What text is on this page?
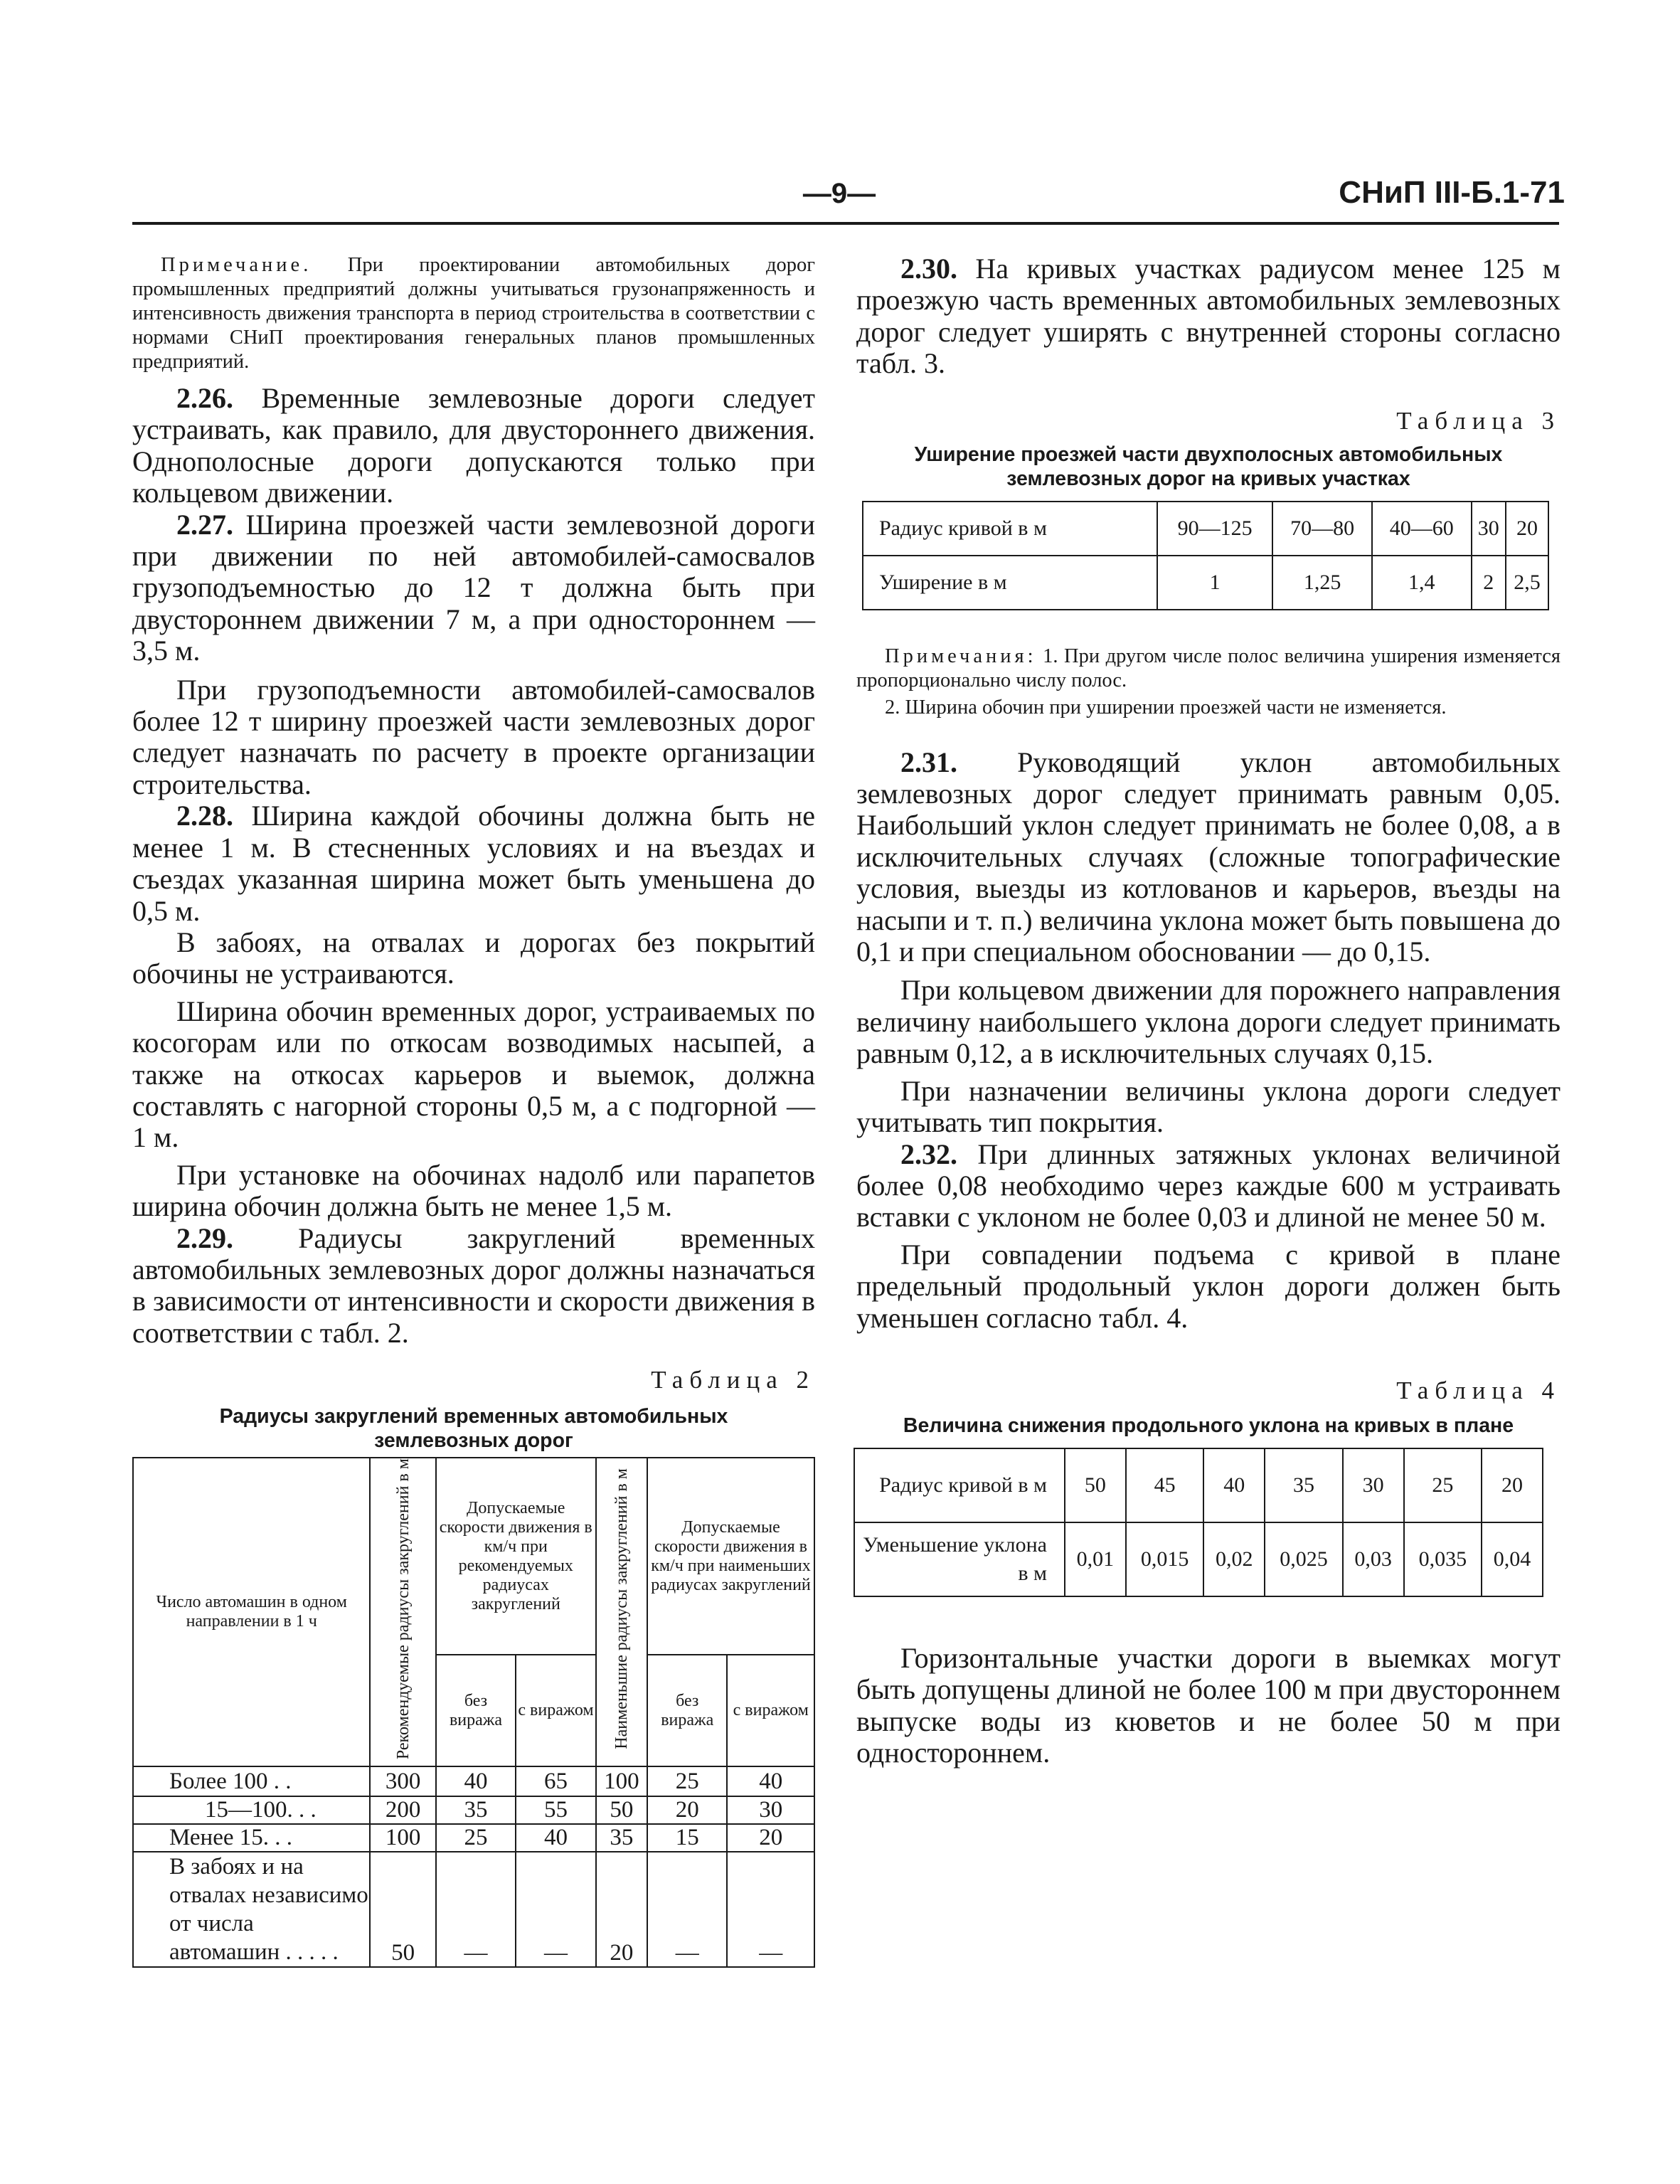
—9—	СНиП III-Б.1-71

Примечание. При проектировании автомобильных дорог промышленных предприятий должны учитываться грузонапряженность и интенсивность движения транспорта в период строительства в соответствии с нормами СНиП проектирования генеральных планов промышленных предприятий.

2.26. Временные землевозные дороги следует устраивать, как правило, для двустороннего движения. Однополосные дороги допускаются только при кольцевом движении.

2.27. Ширина проезжей части землевозной дороги при движении по ней автомобилей-самосвалов грузоподъемностью до 12 т должна быть при двустороннем движении 7 м, а при одностороннем — 3,5 м.

При грузоподъемности автомобилей-самосвалов более 12 т ширину проезжей части землевозных дорог следует назначать по расчету в проекте организации строительства.

2.28. Ширина каждой обочины должна быть не менее 1 м. В стесненных условиях и на въездах и съездах указанная ширина может быть уменьшена до 0,5 м.

В забоях, на отвалах и дорогах без покрытий обочины не устраиваются.

Ширина обочин временных дорог, устраиваемых по косогорам или по откосам возводимых насыпей, а также на откосах карьеров и выемок, должна составлять с нагорной стороны 0,5 м, а с подгорной — 1 м.

При установке на обочинах надолб или парапетов ширина обочин должна быть не менее 1,5 м.

2.29. Радиусы закруглений временных автомобильных землевозных дорог должны назначаться в зависимости от интенсивности и скорости движения в соответствии с табл. 2.

Таблица 2

Радиусы закруглений временных автомобильных землевозных дорог

Число автомашин в одном направлении в 1 ч	Рекомендуемые радиусы закруглений в м	Допускаемые скорости движения в км/ч при рекомендуемых радиусах закруглений		Наименьшие радиусы закруглений в м	Допускаемые скорости движения в км/ч при наименьших радиусах закруглений	
		без виража	с виражом		без виража	с виражом
Более 100 . .	300	40	65	100	25	40
15—100. . .	200	35	55	50	20	30
Менее 15. . .	100	25	40	35	15	20
В забоях и на отвалах независимо от числа автомашин . . . . .	50	—	—	20	—	—

2.30. На кривых участках радиусом менее 125 м проезжую часть временных автомобильных землевозных дорог следует уширять с внутренней стороны согласно табл. 3.

Таблица 3

Уширение проезжей части двухполосных автомобильных землевозных дорог на кривых участках

Радиус кривой в м	90—125	70—80	40—60	30	20
Уширение в м	1	1,25	1,4	2	2,5

Примечания: 1. При другом числе полос величина уширения изменяется пропорционально числу полос.

2. Ширина обочин при уширении проезжей части не изменяется.

2.31. Руководящий уклон автомобильных землевозных дорог следует принимать равным 0,05. Наибольший уклон следует принимать не более 0,08, а в исключительных случаях (сложные топографические условия, выезды из котлованов и карьеров, въезды на насыпи и т. п.) величина уклона может быть повышена до 0,1 и при специальном обосновании — до 0,15.

При кольцевом движении для порожнего направления величину наибольшего уклона дороги следует принимать равным 0,12, а в исключительных случаях 0,15.

При назначении величины уклона дороги следует учитывать тип покрытия.

2.32. При длинных затяжных уклонах величиной более 0,08 необходимо через каждые 600 м устраивать вставки с уклоном не более 0,03 и длиной не менее 50 м.

При совпадении подъема с кривой в плане предельный продольный уклон дороги должен быть уменьшен согласно табл. 4.

Таблица 4

Величина снижения продольного уклона на кривых в плане

Радиус кривой в м	50	45	40	35	30	25	20
Уменьшение уклона в м	0,01	0,015	0,02	0,025	0,03	0,035	0,04

Горизонтальные участки дороги в выемках могут быть допущены длиной не более 100 м при двустороннем выпуске воды из кюветов и не более 50 м при одностороннем.
